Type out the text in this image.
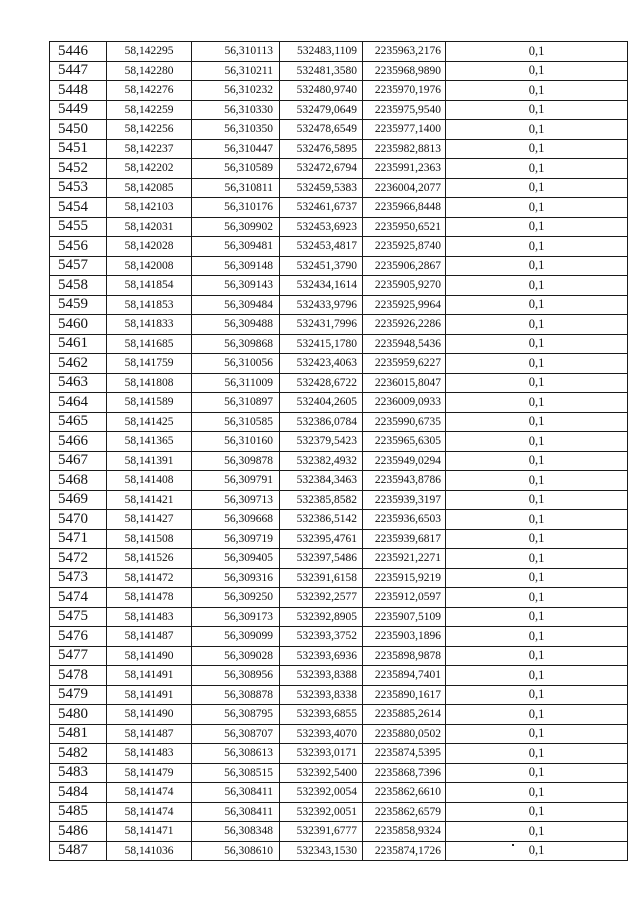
5446	58,142295	56,310113	532483,1109	2235963,2176	0,1
5447	58,142280	56,310211	532481,3580	2235968,9890	0,1
5448	58,142276	56,310232	532480,9740	2235970,1976	0,1
5449	58,142259	56,310330	532479,0649	2235975,9540	0,1
5450	58,142256	56,310350	532478,6549	2235977,1400	0,1
5451	58,142237	56,310447	532476,5895	2235982,8813	0,1
5452	58,142202	56,310589	532472,6794	2235991,2363	0,1
5453	58,142085	56,310811	532459,5383	2236004,2077	0,1
5454	58,142103	56,310176	532461,6737	2235966,8448	0,1
5455	58,142031	56,309902	532453,6923	2235950,6521	0,1
5456	58,142028	56,309481	532453,4817	2235925,8740	0,1
5457	58,142008	56,309148	532451,3790	2235906,2867	0,1
5458	58,141854	56,309143	532434,1614	2235905,9270	0,1
5459	58,141853	56,309484	532433,9796	2235925,9964	0,1
5460	58,141833	56,309488	532431,7996	2235926,2286	0,1
5461	58,141685	56,309868	532415,1780	2235948,5436	0,1
5462	58,141759	56,310056	532423,4063	2235959,6227	0,1
5463	58,141808	56,311009	532428,6722	2236015,8047	0,1
5464	58,141589	56,310897	532404,2605	2236009,0933	0,1
5465	58,141425	56,310585	532386,0784	2235990,6735	0,1
5466	58,141365	56,310160	532379,5423	2235965,6305	0,1
5467	58,141391	56,309878	532382,4932	2235949,0294	0,1
5468	58,141408	56,309791	532384,3463	2235943,8786	0,1
5469	58,141421	56,309713	532385,8582	2235939,3197	0,1
5470	58,141427	56,309668	532386,5142	2235936,6503	0,1
5471	58,141508	56,309719	532395,4761	2235939,6817	0,1
5472	58,141526	56,309405	532397,5486	2235921,2271	0,1
5473	58,141472	56,309316	532391,6158	2235915,9219	0,1
5474	58,141478	56,309250	532392,2577	2235912,0597	0,1
5475	58,141483	56,309173	532392,8905	2235907,5109	0,1
5476	58,141487	56,309099	532393,3752	2235903,1896	0,1
5477	58,141490	56,309028	532393,6936	2235898,9878	0,1
5478	58,141491	56,308956	532393,8388	2235894,7401	0,1
5479	58,141491	56,308878	532393,8338	2235890,1617	0,1
5480	58,141490	56,308795	532393,6855	2235885,2614	0,1
5481	58,141487	56,308707	532393,4070	2235880,0502	0,1
5482	58,141483	56,308613	532393,0171	2235874,5395	0,1
5483	58,141479	56,308515	532392,5400	2235868,7396	0,1
5484	58,141474	56,308411	532392,0054	2235862,6610	0,1
5485	58,141474	56,308411	532392,0051	2235862,6579	0,1
5486	58,141471	56,308348	532391,6777	2235858,9324	0,1
5487	58,141036	56,308610	532343,1530	2235874,1726	0,1
